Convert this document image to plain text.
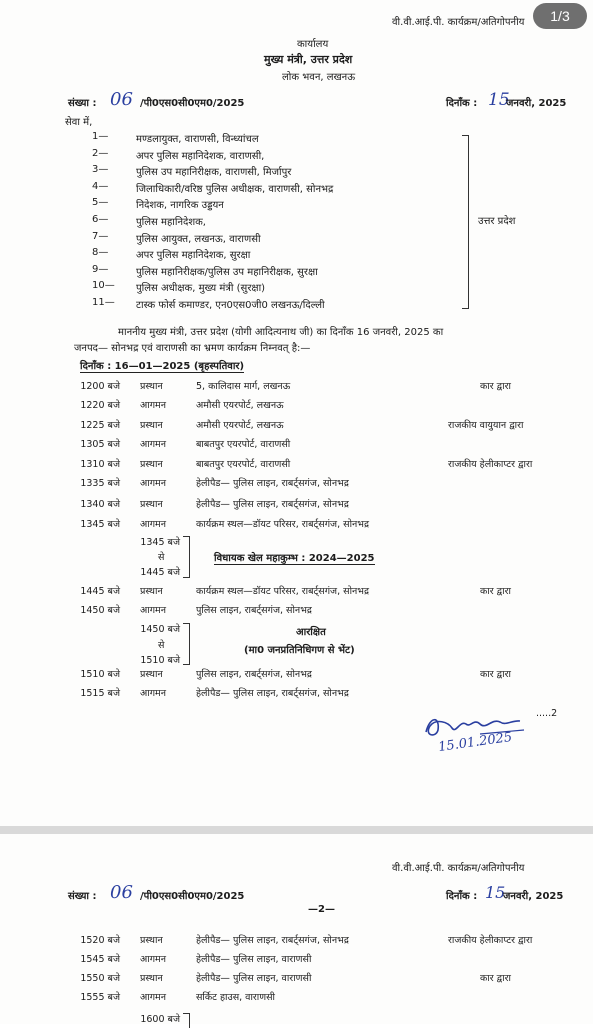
वी.वी.आई.पी. कार्यक्रम/अतिगोपनीय
कार्यालय
मुख्य मंत्री, उत्तर प्रदेश
लोक भवन, लखनऊ
संख्या : 06 /पी0एस0सी0एम0/2025	दिनाँक : 15
जनवरी, 2025
सेवा में,
1—	मण्डलायुक्त, वाराणसी, विन्ध्यांचल
2—	अपर पुलिस महानिदेशक, वाराणसी,
3—	पुलिस उप महानिरीक्षक, वाराणसी, मिर्जापुर
4—	जिलाधिकारी/वरिष्ठ पुलिस अधीक्षक, वाराणसी, सोनभद्र
5—	निदेशक, नागरिक उड्डयन
6—	पुलिस महानिदेशक,
7—	पुलिस आयुक्त, लखनऊ, वाराणसी
8—	अपर पुलिस महानिदेशक, सुरक्षा
9—	पुलिस महानिरीक्षक/पुलिस उप महानिरीक्षक, सुरक्षा
10— पुलिस अधीक्षक, मुख्य मंत्री (सुरक्षा)
11— टास्क फोर्स कमाण्डर, एन0एस0जी0 लखनऊ/दिल्ली
उत्तर प्रदेश
माननीय मुख्य मंत्री, उत्तर प्रदेश (योगी आदित्यनाथ जी) का दिनाँक 16 जनवरी, 2025 का
जनपद— सोनभद्र एवं वाराणसी का भ्रमण कार्यक्रम निम्नवत् है:—
दिनाँक : 16—01—2025 (बृहस्पतिवार)
1200 बजे प्रस्थान	5, कालिदास मार्ग, लखनऊ	कार द्वारा
1220 बजे आगमन	अमौसी एयरपोर्ट, लखनऊ
1225 बजे प्रस्थान	अमौसी एयरपोर्ट, लखनऊ	राजकीय वायुयान द्वारा
1305 बजे आगमन	बाबतपुर एयरपोर्ट, वाराणसी
1310 बजे प्रस्थान	बाबतपुर एयरपोर्ट, वाराणसी	राजकीय हेलीकाप्टर द्वारा
1335 बजे आगमन	हेलीपैड— पुलिस लाइन, राबर्ट्सगंज, सोनभद्र
1340 बजे प्रस्थान	हेलीपैड— पुलिस लाइन, राबर्ट्सगंज, सोनभद्र
1345 बजे आगमन	कार्यक्रम स्थल—डॉयट परिसर, राबर्ट्सगंज, सोनभद्र
1345 बजे
से
1445 बजे
विधायक खेल महाकुम्भ : 2024—2025
1445 बजे प्रस्थान	कार्यक्रम स्थल—डॉयट परिसर, राबर्ट्सगंज, सोनभद्र	कार द्वारा
1450 बजे आगमन	पुलिस लाइन, राबर्ट्सगंज, सोनभद्र
1450 बजे
से
1510 बजे
आरक्षित
(मा0 जनप्रतिनिधिगण से भेंट)
1510 बजे प्रस्थान	पुलिस लाइन, राबर्ट्सगंज, सोनभद्र	कार द्वारा
1515 बजे आगमन	हेलीपैड— पुलिस लाइन, राबर्ट्सगंज, सोनभद्र
.....2
15.01.2025
वी.वी.आई.पी. कार्यक्रम/अतिगोपनीय
संख्या : 06 /पी0एस0सी0एम0/2025	दिनाँक : 15
जनवरी, 2025
—2—
1520 बजे प्रस्थान	हेलीपैड— पुलिस लाइन, राबर्ट्सगंज, सोनभद्र	राजकीय हेलीकाप्टर द्वारा
1545 बजे आगमन	हेलीपैड— पुलिस लाइन, वाराणसी
1550 बजे प्रस्थान	हेलीपैड— पुलिस लाइन, वाराणसी	कार द्वारा
1555 बजे आगमन	सर्किट हाउस, वाराणसी
1600 बजे
1/3
